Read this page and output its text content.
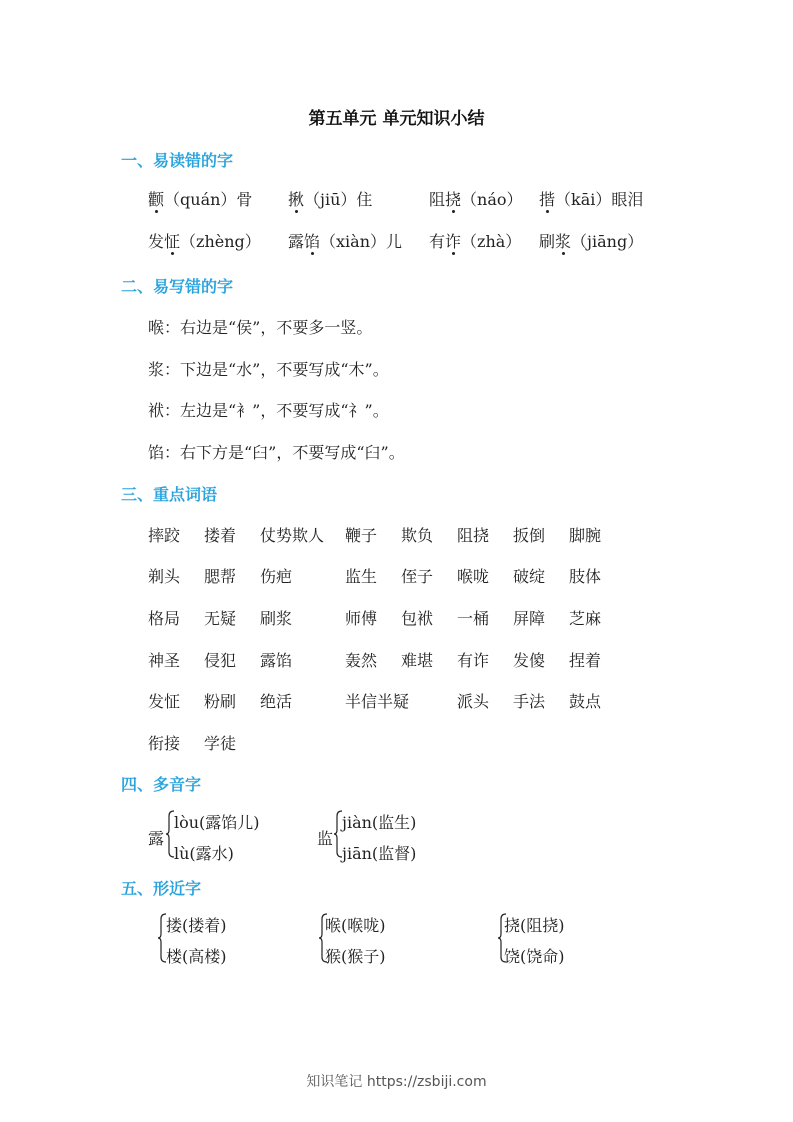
第五单元 单元知识小结
一、易读错的字
颧（quán）骨 揪（jiū）住	阻挠（náo） 揩（kāi）眼泪
发怔（zhèng） 露馅（xiàn）儿 有诈（zhà） 刷浆（jiāng）
二、易写错的字
喉：右边是“侯”，不要多一竖。
浆：下边是“水”，不要写成“木”。
袱：左边是“衤”，不要写成“礻”。
馅：右下方是“臼”，不要写成“臼”。
三、重点词语
摔跤 搂着 仗势欺人 鞭子 欺负 阻挠 扳倒 脚腕
剃头 腮帮 伤疤	监生 侄子 喉咙 破绽 肢体
格局 无疑 刷浆	师傅 包袱 一桶 屏障 芝麻
神圣 侵犯 露馅	轰然 难堪 有诈 发傻 捏着
发怔 粉刷 绝活	半信半疑	派头 手法 鼓点
衔接 学徒
四、多音字
露
lòu(露馅儿)
lù(露水)
监
jiàn(监生)
jiān(监督)
五、形近字
搂(搂着)
楼(高楼)
喉(喉咙)
猴(猴子)
挠(阻挠)
饶(饶命)
知识笔记 https://zsbiji.com
